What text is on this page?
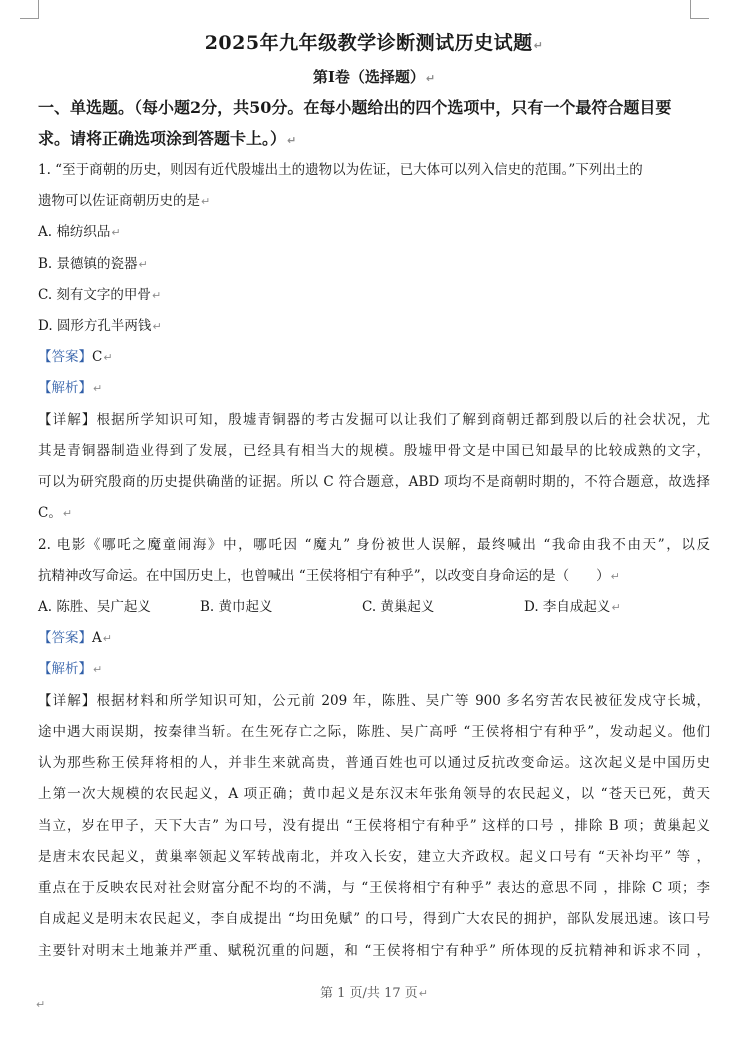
2025年九年级教学诊断测试历史试题↵
第Ⅰ卷（选择题）↵
一、单选题。（每小题2分，共50分。在每小题给出的四个选项中，只有一个最符合题目要
求。请将正确选项涂到答题卡上。）↵
1. “至于商朝的历史，则因有近代殷墟出土的遗物以为佐证，已大体可以列入信史的范围。”下列出土的
遗物可以佐证商朝历史的是↵
A. 棉纺织品↵
B. 景德镇的瓷器↵
C. 刻有文字的甲骨↵
D. 圆形方孔半两钱↵
【答案】C↵
【解析】↵
【详解】根据所学知识可知，殷墟青铜器的考古发掘可以让我们了解到商朝迁都到殷以后的社会状况，尤
其是青铜器制造业得到了发展，已经具有相当大的规模。殷墟甲骨文是中国已知最早的比较成熟的文字，
可以为研究殷商的历史提供确凿的证据。所以 C 符合题意，ABD 项均不是商朝时期的，不符合题意，故选择
C。↵
2. 电影《哪吒之魔童闹海》中，哪吒因 “魔丸” 身份被世人误解，最终喊出 “我命由我不由天”，以反
抗精神改写命运。在中国历史上，也曾喊出 “王侯将相宁有种乎”，以改变自身命运的是（　　）↵
A. 陈胜、吴广起义	B. 黄巾起义	C. 黄巢起义	D. 李自成起义↵
【答案】A↵
【解析】↵
【详解】根据材料和所学知识可知，公元前 209 年，陈胜、吴广等 900 多名穷苦农民被征发戍守长城，
途中遇大雨误期，按秦律当斩。在生死存亡之际，陈胜、吴广高呼 “王侯将相宁有种乎”，发动起义。他们
认为那些称王侯拜将相的人，并非生来就高贵，普通百姓也可以通过反抗改变命运。这次起义是中国历史
上第一次大规模的农民起义，A 项正确；黄巾起义是东汉末年张角领导的农民起义，以 “苍天已死，黄天
当立，岁在甲子，天下大吉” 为口号，没有提出 “王侯将相宁有种乎” 这样的口号 ，排除 B 项；黄巢起义
是唐末农民起义，黄巢率领起义军转战南北，并攻入长安，建立大齐政权。起义口号有 “天补均平” 等 ，
重点在于反映农民对社会财富分配不均的不满，与 “王侯将相宁有种乎” 表达的意思不同 ，排除 C 项；李
自成起义是明末农民起义，李自成提出 “均田免赋” 的口号，得到广大农民的拥护，部队发展迅速。该口号
主要针对明末土地兼并严重、赋税沉重的问题，和 “王侯将相宁有种乎” 所体现的反抗精神和诉求不同 ，
第 1 页/共 17 页↵
↵
